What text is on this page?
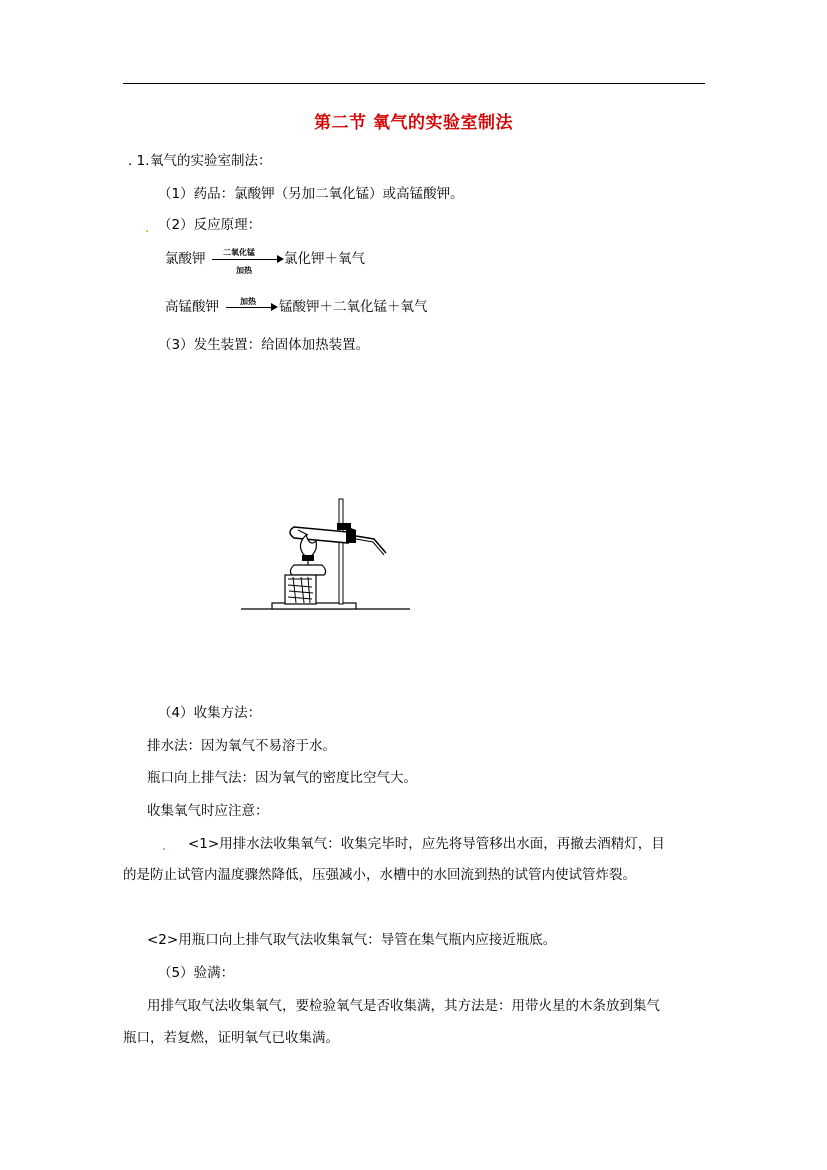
第二节 氧气的实验室制法
. 1. 氧气的实验室制法：
（1）药品：氯酸钾（另加二氧化锰）或高锰酸钾。
. （2）反应原理：
氯酸钾 二氧化锰
加热
氯化钾＋氧气
高锰酸钾	加热 锰酸钾＋二氧化锰＋氧气
（3）发生装置：给固体加热装置。
（4）收集方法：
排水法：因为氧气不易溶于水。
瓶口向上排气法：因为氧气的密度比空气大。
收集氧气时应注意：
. <1>用排水法收集氧气：收集完毕时，应先将导管移出水面，再撤去酒精灯，目
的是防止试管内温度骤然降低，压强减小，水槽中的水回流到热的试管内使试管炸裂。
<2>用瓶口向上排气取气法收集氧气：导管在集气瓶内应接近瓶底。
（5）验满：
用排气取气法收集氧气，要检验氧气是否收集满，其方法是：用带火星的木条放到集气
瓶口，若复燃，证明氧气已收集满。
